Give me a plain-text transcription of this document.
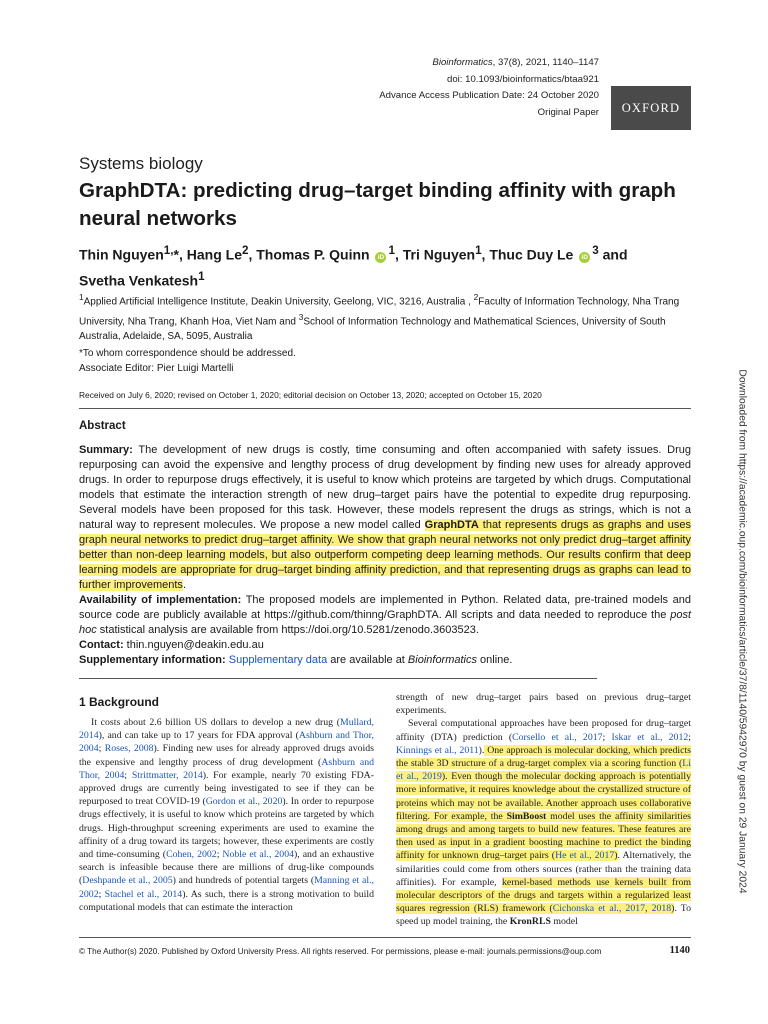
Bioinformatics, 37(8), 2021, 1140–1147
doi: 10.1093/bioinformatics/btaa921
Advance Access Publication Date: 24 October 2020
Original Paper OXFORD
Systems biology
GraphDTA: predicting drug–target binding affinity with graph neural networks
Thin Nguyen$^{1,}$*, Hang Le$^2$, Thomas P. Quinn $iD^1$, Tri Nguyen$^1$, Thuc Duy Le $iD^3$ and
Svetha Venkatesh$^1$
$^1$Applied Artificial Intelligence Institute, Deakin University, Geelong, VIC, 3216, Australia , $^2$Faculty of Information Technology, Nha Trang University, Nha Trang, Khanh Hoa, Viet Nam and $^3$School of Information Technology and Mathematical Sciences, University of South Australia, Adelaide, SA, 5095, Australia
*To whom correspondence should be addressed.
Associate Editor: Pier Luigi Martelli
Received on July 6, 2020; revised on October 1, 2020; editorial decision on October 13, 2020; accepted on October 15, 2020
Abstract

Summary: The development of new drugs is costly, time consuming and often accompanied with safety issues. Drug repurposing can avoid the expensive and lengthy process of drug development by finding new uses for already approved drugs. In order to repurpose drugs effectively, it is useful to know which proteins are targeted by which drugs. Computational models that estimate the interaction strength of new drug–target pairs have the potential to expedite drug repurposing. Several models have been proposed for this task. However, these models represent the drugs as strings, which is not a natural way to represent molecules. We propose a new model called GraphDTA that represents drugs as graphs and uses graph neural networks to predict drug–target affinity. We show that graph neural networks not only predict drug–target affinity better than non-deep learning models, but also outperform competing deep learning methods. Our results confirm that deep learning models are appropriate for drug–target binding affinity prediction, and that representing drugs as graphs can lead to further improvements.

Availability of implementation: The proposed models are implemented in Python. Related data, pre-trained models and source code are publicly available at https://github.com/thinng/GraphDTA. All scripts and data needed to reproduce the post hoc statistical analysis are available from https://doi.org/10.5281/zenodo.3603523.

Contact: thin.nguyen@deakin.edu.au

Supplementary information: Supplementary data are available at Bioinformatics online.

1 Background

It costs about 2.6 billion US dollars to develop a new drug (Mullard, 2014), and can take up to 17 years for FDA approval (Ashburn and Thor, 2004; Roses, 2008). Finding new uses for already approved drugs avoids the expensive and lengthy process of drug development (Ashburn and Thor, 2004; Strittmatter, 2014). For example, nearly 70 existing FDA-approved drugs are currently being investigated to see if they can be repurposed to treat COVID-19 (Gordon et al., 2020). In order to repurpose drugs effectively, it is useful to know which proteins are targeted by which drugs. High-throughput screening experiments are used to examine the affinity of a drug toward its targets; however, these experiments are costly and time-consuming (Cohen, 2002; Noble et al., 2004), and an exhaustive search is infeasible because there are millions of drug-like compounds (Deshpande et al., 2005) and hundreds of potential targets (Manning et al., 2002; Stachel et al., 2014). As such, there is a strong motivation to build computational models that can estimate the interaction

strength of new drug–target pairs based on previous drug–target experiments.

Several computational approaches have been proposed for drug–target affinity (DTA) prediction (Corsello et al., 2017; Iskar et al., 2012; Kinnings et al., 2011). One approach is molecular docking, which predicts the stable 3D structure of a drug-target complex via a scoring function (Li et al., 2019). Even though the molecular docking approach is potentially more informative, it requires knowledge about the crystallized structure of proteins which may not be available. Another approach uses collaborative filtering. For example, the SimBoost model uses the affinity similarities among drugs and among targets to build new features. These features are then used as input in a gradient boosting machine to predict the binding affinity for unknown drug–target pairs (He et al., 2017). Alternatively, the similarities could come from others sources (rather than the training data affinities). For example, kernel-based methods use kernels built from molecular descriptors of the drugs and targets within a regularized least squares regression (RLS) framework (Cichonska et al., 2017, 2018). To speed up model training, the KronRLS model

© The Author(s) 2020. Published by Oxford University Press. All rights reserved. For permissions, please e-mail: journals.permissions@oup.com	1140
Downloaded from https://academic.oup.com/bioinformatics/article/37/8/1140/5942970 by guest on 29 January 2024
